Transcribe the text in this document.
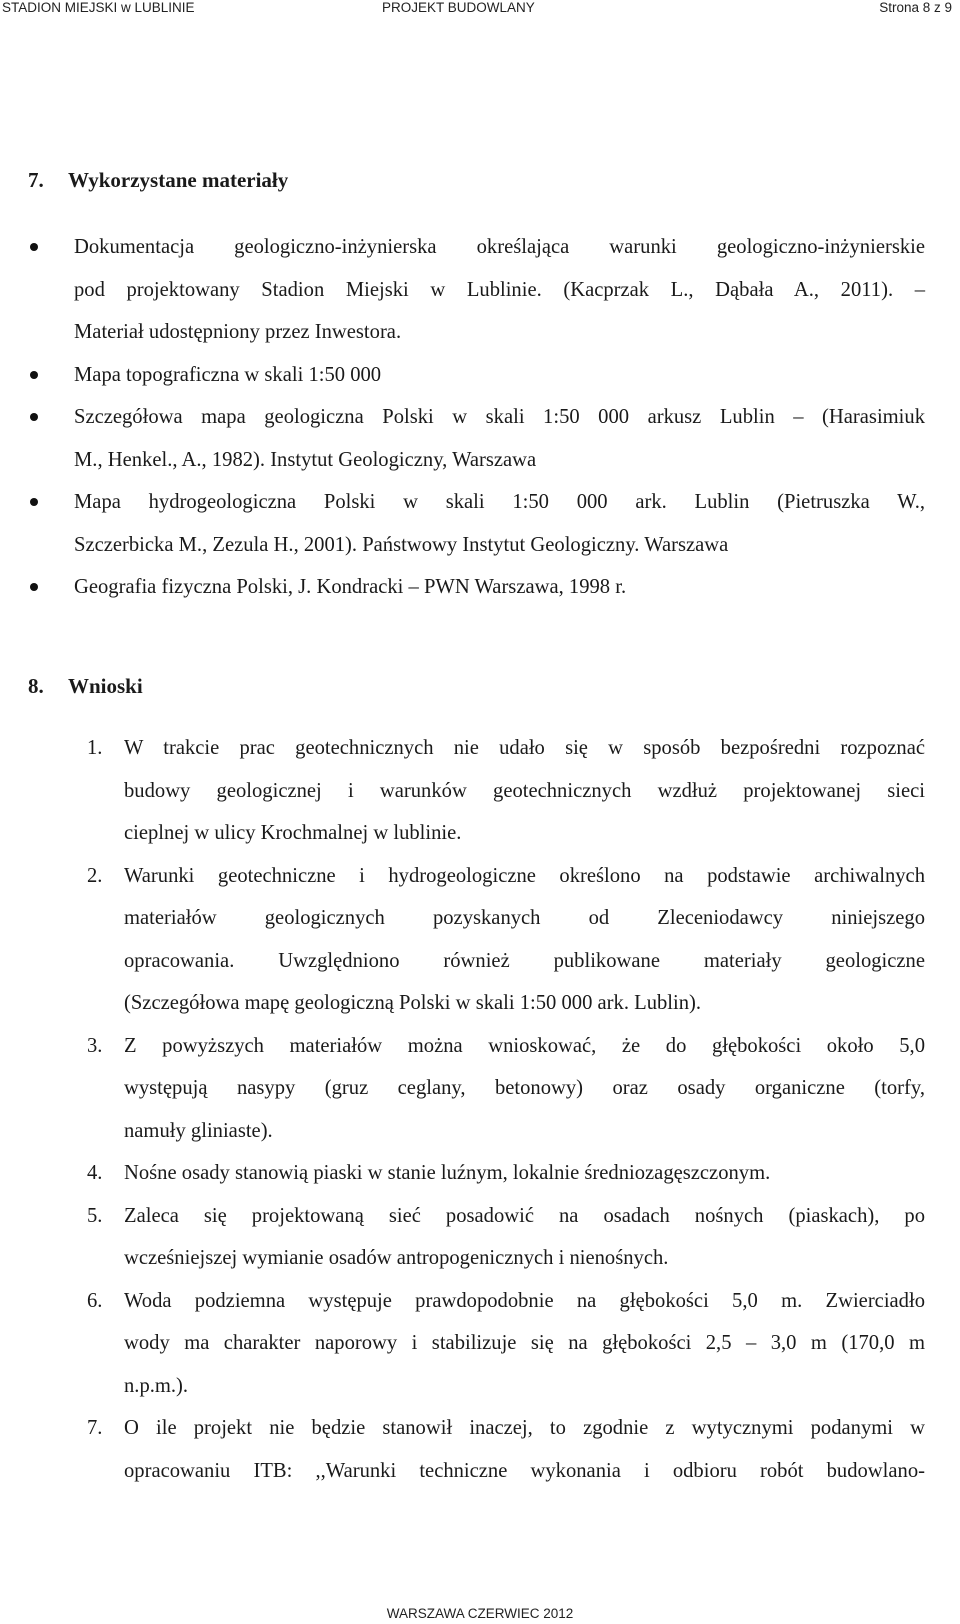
STADION MIEJSKI w LUBLINIE	PROJEKT BUDOWLANY	Strona 8 z 9
7. Wykorzystane materiały
Dokumentacja geologiczno-inżynierska określająca warunki geologiczno-inżynierskie
pod projektowany Stadion Miejski w Lublinie. (Kacprzak L., Dąbała A., 2011). –
Materiał udostępniony przez Inwestora.
Mapa topograficzna w skali 1:50 000
Szczegółowa mapa geologiczna Polski w skali 1:50 000 arkusz Lublin – (Harasimiuk
M., Henkel., A., 1982). Instytut Geologiczny, Warszawa
Mapa hydrogeologiczna Polski w skali 1:50 000 ark. Lublin (Pietruszka W.,
Szczerbicka M., Zezula H., 2001). Państwowy Instytut Geologiczny. Warszawa
Geografia fizyczna Polski, J. Kondracki – PWN Warszawa, 1998 r.
8. Wnioski
1.	W trakcie prac geotechnicznych nie udało się w sposób bezpośredni rozpoznać
budowy geologicznej i warunków geotechnicznych wzdłuż projektowanej sieci
cieplnej w ulicy Krochmalnej w lublinie.
2.	Warunki geotechniczne i hydrogeologiczne określono na podstawie archiwalnych
materiałów geologicznych pozyskanych od Zleceniodawcy niniejszego
opracowania. Uwzględniono również publikowane materiały geologiczne
(Szczegółowa mapę geologiczną Polski w skali 1:50 000 ark. Lublin).
3.	Z powyższych materiałów można wnioskować, że do głębokości około 5,0
występują nasypy (gruz ceglany, betonowy) oraz osady organiczne (torfy,
namuły gliniaste).
4.	Nośne osady stanowią piaski w stanie luźnym, lokalnie średniozagęszczonym.
5.	Zaleca się projektowaną sieć posadowić na osadach nośnych (piaskach), po
wcześniejszej wymianie osadów antropogenicznych i nienośnych.
6.	Woda podziemna występuje prawdopodobnie na głębokości 5,0 m. Zwierciadło
wody ma charakter naporowy i stabilizuje się na głębokości 2,5 – 3,0 m (170,0 m
n.p.m.).
7.	O ile projekt nie będzie stanowił inaczej, to zgodnie z wytycznymi podanymi w
opracowaniu ITB: ,,Warunki techniczne wykonania i odbioru robót budowlano-
WARSZAWA CZERWIEC 2012
